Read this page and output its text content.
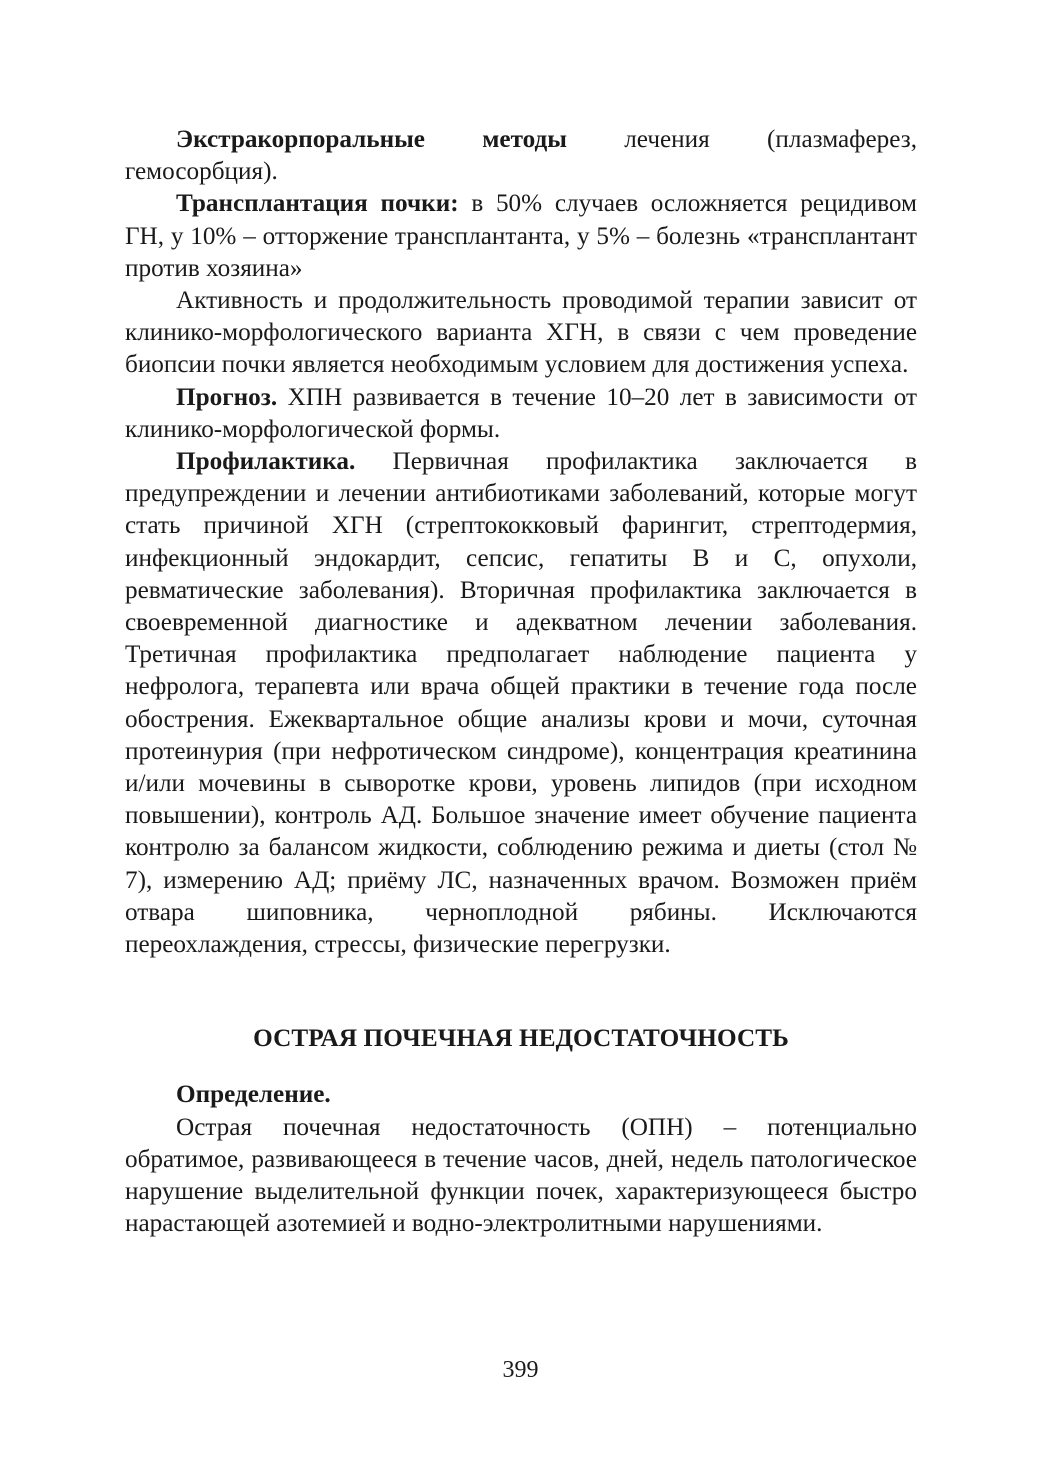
Экстракорпоральные методы лечения (плазмаферез, гемосорбция).

Трансплантация почки: в 50% случаев осложняется рецидивом ГН, у 10% – отторжение трансплантанта, у 5% – болезнь «трансплантант против хозяина»

Активность и продолжительность проводимой терапии зависит от клинико-морфологического варианта ХГН, в связи с чем проведение биопсии почки является необходимым условием для достижения успеха.

Прогноз. ХПН развивается в течение 10–20 лет в зависимости от клинико-морфологической формы.

Профилактика. Первичная профилактика заключается в предупреждении и лечении антибиотиками заболеваний, которые могут стать причиной ХГН (стрептококковый фарингит, стрептодермия, инфекционный эндокардит, сепсис, гепатиты В и С, опухоли, ревматические заболевания). Вторичная профилактика заключается в своевременной диагностике и адекватном лечении заболевания. Третичная профилактика предполагает наблюдение пациента у нефролога, терапевта или врача общей практики в течение года после обострения. Ежеквартальное общие анализы крови и мочи, суточная протеинурия (при нефротическом синдроме), концентрация креатинина и/или мочевины в сыворотке крови, уровень липидов (при исходном повышении), контроль АД. Большое значение имеет обучение пациента контролю за балансом жидкости, соблюдению режима и диеты (стол № 7), измерению АД; приёму ЛС, назначенных врачом. Возможен приём отвара шиповника, черноплодной рябины. Исключаются переохлаждения, стрессы, физические перегрузки.

ОСТРАЯ ПОЧЕЧНАЯ НЕДОСТАТОЧНОСТЬ

Определение.

Острая почечная недостаточность (ОПН) – потенциально обратимое, развивающееся в течение часов, дней, недель патологическое нарушение выделительной функции почек, характеризующееся быстро нарастающей азотемией и водно-электролитными нарушениями.

399
